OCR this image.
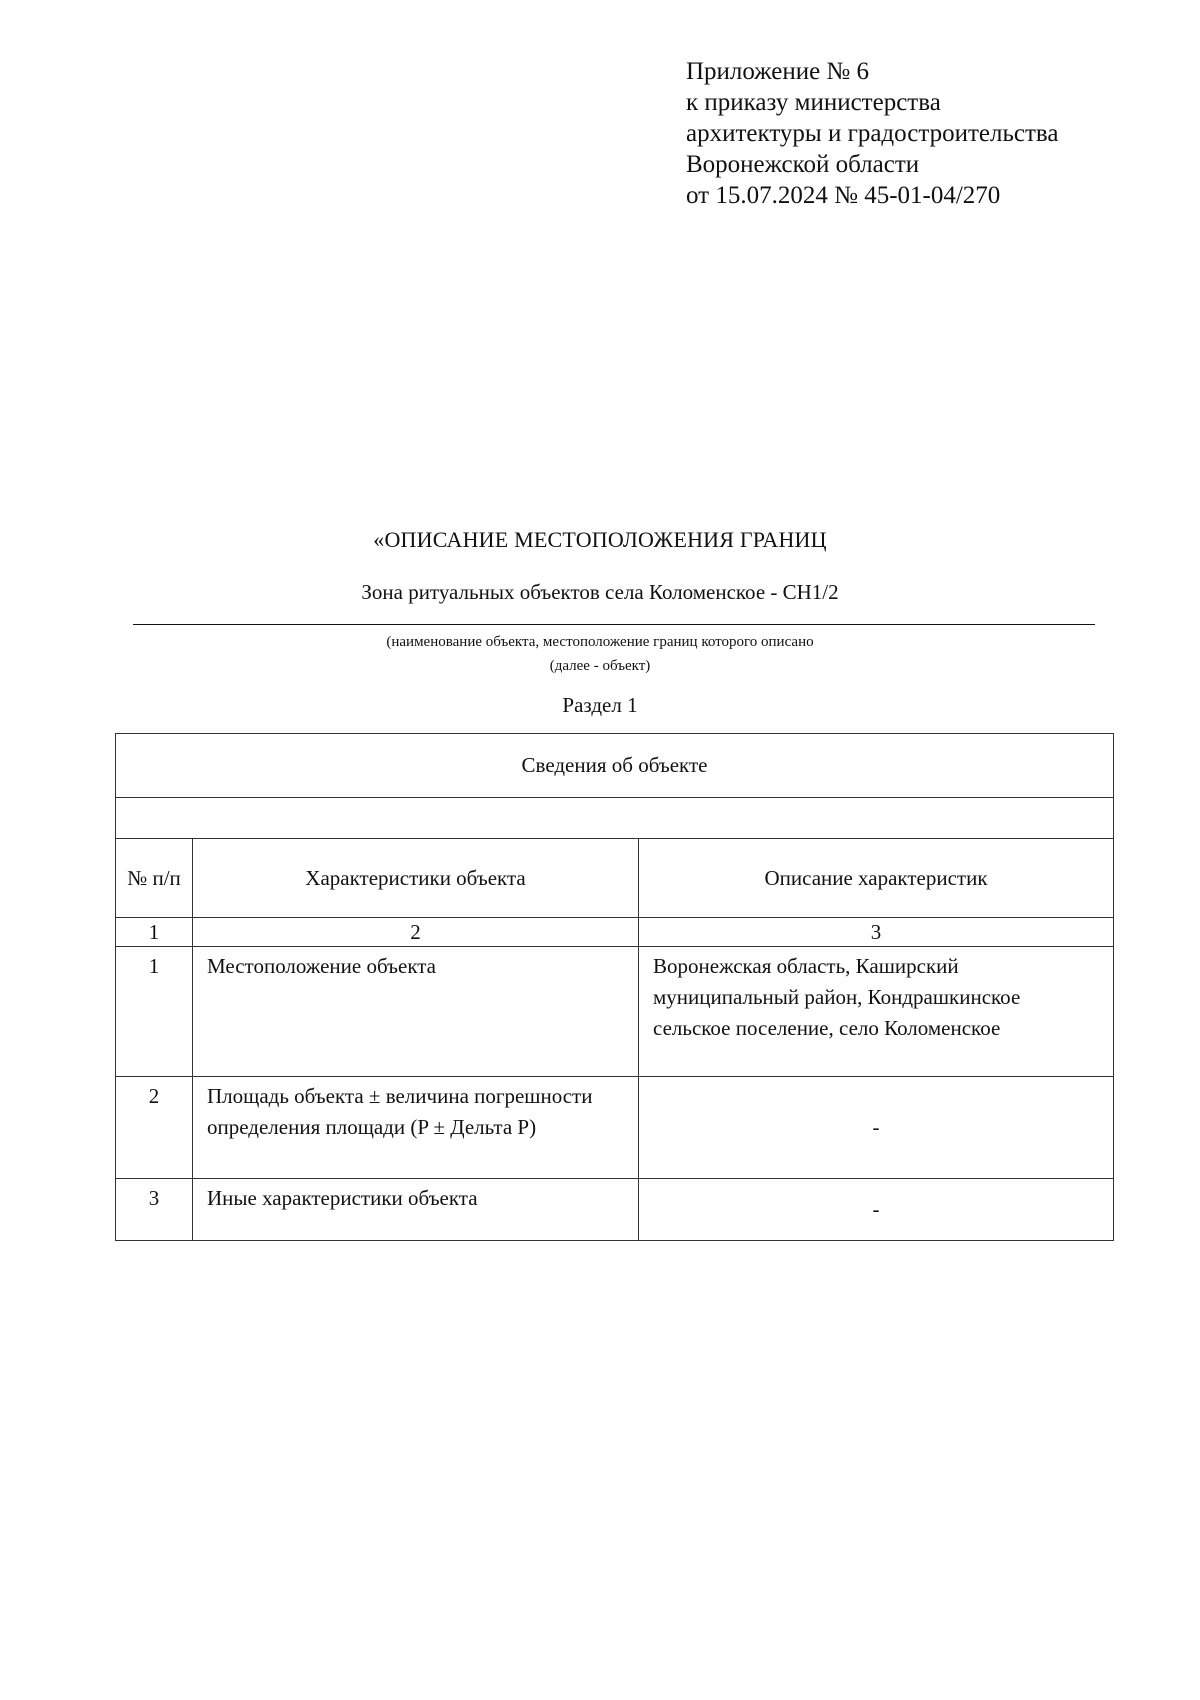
Приложение № 6
к приказу министерства
архитектуры и градостроительства
Воронежской области
от 15.07.2024 № 45-01-04/270
«ОПИСАНИЕ МЕСТОПОЛОЖЕНИЯ ГРАНИЦ
Зона ритуальных объектов села Коломенское - СН1/2
(наименование объекта, местоположение границ которого описано
(далее - объект)
Раздел 1
Сведения об объекте		

№ п/п	Характеристики объекта	Описание характеристик
1	2	3
1	Местоположение объекта	Воронежская область, Каширский муниципальный район, Кондрашкинское сельское поселение, село Коломенское
2	Площадь объекта ± величина погрешности определения площади (P ± Дельта P)	-
3	Иные характеристики объекта	-
